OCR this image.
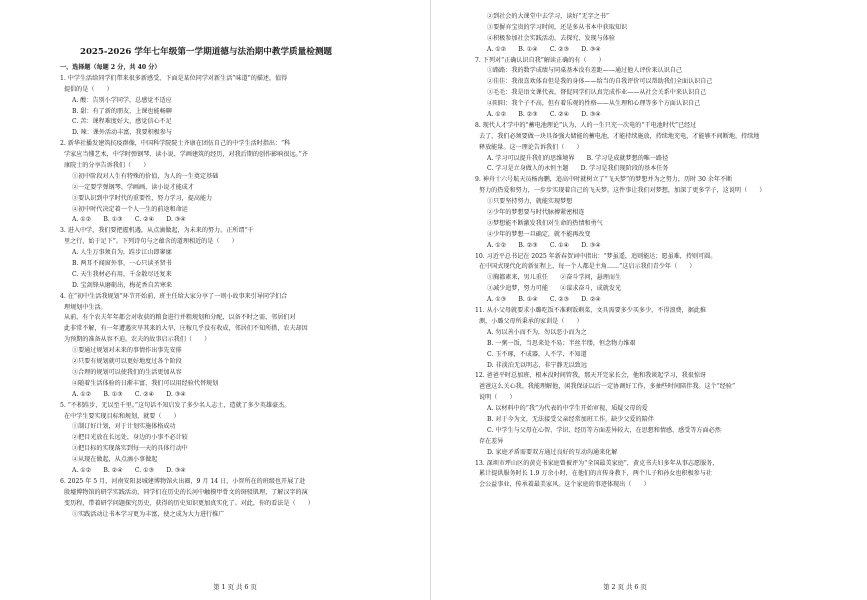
2025-2026 学年七年级第一学期道德与法治期中教学质量检测题
一、选择题（每题 2 分，共 40 分）
1. 中学生活给同学们带来很多新感受，下面是某位同学对新生活“味道”的描述，值得
提倡的是（　　）
A. 酸：告别小学同学，总感觉不适应
B. 甜：有了新的朋友，上课也能畅聊
C. 苦：课程难度好大，感觉信心不足
D. 辣：课外活动丰富，我要积极参与
2. 新华社播发建筑抗疫群像，中国科学院院士齐康在团伍自己的中学生活时指出：“科
学家应当懂艺术，中学时弹钢琴、读小说、学画建筑的经历，对我后期的创作影响很远。”齐
康院士的分享告诉我们（　　）
①初中阶段对人生有特殊的价值，为人的一生奠定基础
②一定要学弹钢琴、学画画，读小说才能成才
③要认识到中学时代的重要性，努力学习，提高能力
④初中时代决定着一个人一生的前途和命运
A. ①②　　B. ①③　　C. ②④　　D. ③④
3. 进入中学，我们要把握机遇，从点滴做起，为未来的努力。正所谓“千
里之行，始于足下”。下列诗句与之蕴含的道理相近的是（　　）
A. 人生万事须自为，跬步江山即寥廓
B. 两耳不闻窗外事，一心只读圣贤书
C. 天生我材必有用，千金散尽还复来
D. 宝剑锋从磨砺出，梅花香自苦寒来
4. 在“初中生活我规划”环节开始前，班主任给大家分享了一则小故事来引导同学们合
理规划中生活。
从前，有个农夫年年都会对收获的粮食进行并粗规划和分配，以备不时之需，邻居们对
此非常不解，有一年遭遇灾旱其来的大旱，庄稼几乎没有收成，邻居们不知所措，农夫却因
为预期的准备从容不迫。农夫的故事启示我们（　　）
①要通过规划对未来的事情作出事先安排
②只要有规划就可以更好地度过各个阶段
③合理的规划可以使我们的生活更加从容
④随着生活体验的日渐丰富，我们可以用经验代替规划
A. ①②　　B. ①③　　C. ②④　　D. ③④
5. “不积跬步，无以至千里。”这句话不知启发了多少名人志士，造就了多少英雄豪杰。
在中学生要实现目标和规划，就要（　　）
①制订好计划，对于计划实施体格成功
②把目光放在长远处，身边的小事不必计较
③把目标的实现落实到每一天的具体行动中
④从现在做起，从点滴小事做起
A. ①②　　B. ②④　　C. ①③　　D. ③④
6. 2025 年 5 月，河南安阳县城建博物馆火出圈，9 月 14 日，小智所在的班级也开展了赴
殷墟博物馆的研学实践活动，同学们在历史的长河中触摸甲骨文的斑驳肌理，了解汉字的演
变历程，带着研学问题探究历史，获得的历史知识更加真实化了。对此，你的看法是（　　）
①实践活动让书本学习更为丰富，使之成为大力进行推广
第 1 页 共 6 页
②到社会的大课堂中去学习，读好“无字之书”
③要摒弃宝贵的学习时间，还是多从书本中获取知识
④积极参加社会实践活动，去探究、发现与体验
A. ①②　　B. ①④　　C. ②③　　D. ③④
7. 下列对“正确认识自我”解读正确的有（　　）
①路路：我的数学成绩与同桌基本没有差距——通过他人评价来认识自己
②佳佳：我很喜欢体育但是我的身体——给当的自我评价可以帮助我们全面认识自己
③毛毛：我是语文课代表，督促同学们认真完成作业——从社会关系中来认识自己
④阳阳：我个子不高，但有着乐观的性格——从生理和心理等多个方面认识自己
A. ①②　　B. ②③　　C. ②④　　D. ③④
8. 现代人才学中的“蓄电池理论”认为，人的一生只充一次电的“干电池时代”已经过
去了，我们必须要做一块具备强大储能的蓄电池，才能持续施放，持续地充电，才能够不间断地、持续地
释放能量。这一理论告诉我们（　　）
A. 学习可以提升我们的思维境界　　B. 学习是成就梦想的唯一路径
C. 学习是立身做人的永恒主题　　D. 学习是我们现阶段的基本任务
9. 神舟十六号航天员杨海鹏，追高中时就树立了“飞天梦”的梦想并为之努力，历时 30 余年不断
努力的热爱和努力，一步步实现着自己的飞天梦。这件事让我们对梦想，加深了更多学子，这说明（　　）
①只要坚持努力，就能实现梦想
②少年的梦想要与时代脉搏紧密相连
③梦想能不断激发我们对生命的热情和勇气
④少年的梦想一旦确定，就不能再改变
A. ①②　　B. ②③　　C. ①④　　D. ③④
10. 习近平总书记在 2025 年新春贺词中指出：“梦虽遥，追则能达；愿虽难，持则可圆。
在中国式现代化的新征程上，每一个人都是主角……”这启示我们青少年（　　）
①胸都素来，男儿重任　　②奋斗学问，悬理而生
③减少追梦，努力可能　　④谋求奋斗，成就发光
A. ①③　　B. ①④　　C. ②③　　D. ②④
11. 从小父母就要求小璐吃饭不准剩饭剩菜，文具需要多少买多少，不得浪费，据此推
测，小璐父母所秉承的家训是（　　）
A. 勿以善小而不为，勿以恶小而为之
B. 一粥一饭，当思来处不易；半丝半缕，恒念物力维艰
C. 玉不琢，不成器，人不学，不知道
D. 非淡泊无以明志，非宁静无以致远
12. 爸爸平时总加班，根本没时间管我，那天开完家长会，他和我谈起学习，我很惊讶
爸爸这么关心我。我能理解他，闲我保证以后一定协调好工作，多抽些时间陪伴我。这个“经验”
说明（　　）
A. 以材料中的“我”为代表的中学生开始审视、质疑父母的爱
B. 对于今为文，无法接受父亲经常加班工作，缺少父爱的陪伴
C. 中学生与父母在心智、学识、经历等方面差异较大，在思想和情感、感受等方面必然
存在差异
D. 家庭矛盾需要双方通过良好的互动沟通来化解
13. 深圳市坪山区的黄克书家庭曾被评为“全国最美家庭”，黄克书夫妇多年从事志愿服务，
累计提供服务时长 1.9 万余小时，在他们的言传身教下，两个儿子和孙女也积极参与社
会公益事业，传承着最美家风。这个家庭的事迹体现出（　　）
第 2 页 共 6 页
